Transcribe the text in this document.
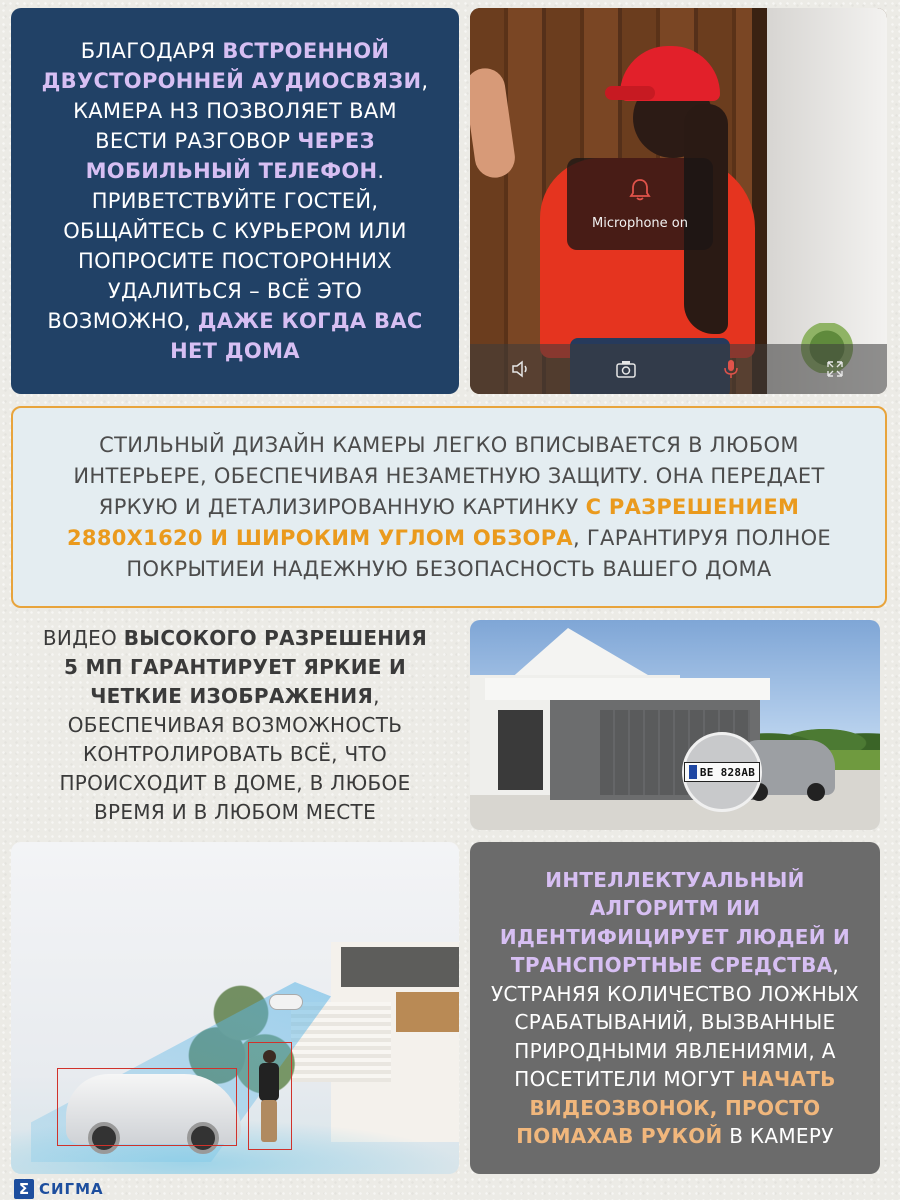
БЛАГОДАРЯ ВСТРОЕННОЙ ДВУСТОРОННЕЙ АУДИОСВЯЗИ, КАМЕРА H3 ПОЗВОЛЯЕТ ВАМ ВЕСТИ РАЗГОВОР ЧЕРЕЗ МОБИЛЬНЫЙ ТЕЛЕФОН. ПРИВЕТСТВУЙТЕ ГОСТЕЙ, ОБЩАЙТЕСЬ С КУРЬЕРОМ ИЛИ ПОПРОСИТЕ ПОСТОРОННИХ УДАЛИТЬСЯ – ВСЁ ЭТО ВОЗМОЖНО, ДАЖЕ КОГДА ВАС НЕТ ДОМА

Microphone on

СТИЛЬНЫЙ ДИЗАЙН КАМЕРЫ ЛЕГКО ВПИСЫВАЕТСЯ В ЛЮБОМ ИНТЕРЬЕРЕ, ОБЕСПЕЧИВАЯ НЕЗАМЕТНУЮ ЗАЩИТУ. ОНА ПЕРЕДАЕТ ЯРКУЮ И ДЕТАЛИЗИРОВАННУЮ КАРТИНКУ С РАЗРЕШЕНИЕМ 2880X1620 И ШИРОКИМ УГЛОМ ОБЗОРА, ГАРАНТИРУЯ ПОЛНОЕ ПОКРЫТИЕИ НАДЕЖНУЮ БЕЗОПАСНОСТЬ ВАШЕГО ДОМА

ВИДЕО ВЫСОКОГО РАЗРЕШЕНИЯ 5 МП ГАРАНТИРУЕТ ЯРКИЕ И ЧЕТКИЕ ИЗОБРАЖЕНИЯ, ОБЕСПЕЧИВАЯ ВОЗМОЖНОСТЬ КОНТРОЛИРОВАТЬ ВСЁ, ЧТО ПРОИСХОДИТ В ДОМЕ, В ЛЮБОЕ ВРЕМЯ И В ЛЮБОМ МЕСТЕ

BE 828AB

ИНТЕЛЛЕКТУАЛЬНЫЙ АЛГОРИТМ ИИ ИДЕНТИФИЦИРУЕТ ЛЮДЕЙ И ТРАНСПОРТНЫЕ СРЕДСТВА, УСТРАНЯЯ КОЛИЧЕСТВО ЛОЖНЫХ СРАБАТЫВАНИЙ, ВЫЗВАННЫЕ ПРИРОДНЫМИ ЯВЛЕНИЯМИ, А ПОСЕТИТЕЛИ МОГУТ НАЧАТЬ ВИДЕОЗВОНОК, ПРОСТО ПОМАХАВ РУКОЙ В КАМЕРУ

Σ СИГМА
